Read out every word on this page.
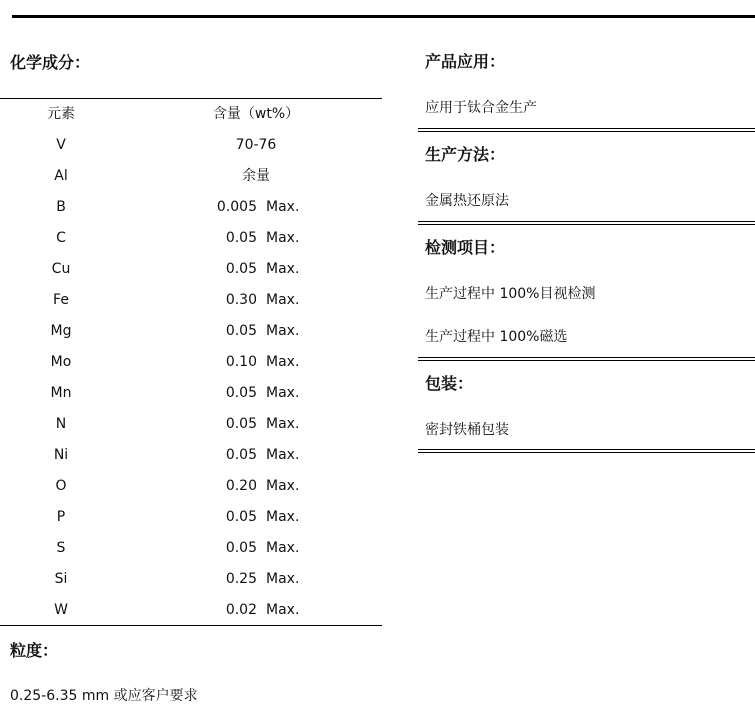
化学成分：
元素	含量（wt%）
V	70-76
Al	余量
B	0.005 Max.
C	0.05 Max.
Cu	0.05 Max.
Fe	0.30 Max.
Mg	0.05 Max.
Mo	0.10 Max.
Mn	0.05 Max.
N	0.05 Max.
Ni	0.05 Max.
O	0.20 Max.
P	0.05 Max.
S	0.05 Max.
Si	0.25 Max.
W	0.02 Max.
粒度：
0.25-6.35 mm 或应客户要求
产品应用：
应用于钛合金生产
生产方法：
金属热还原法
检测项目：
生产过程中 100%目视检测
生产过程中 100%磁选
包装：
密封铁桶包装
